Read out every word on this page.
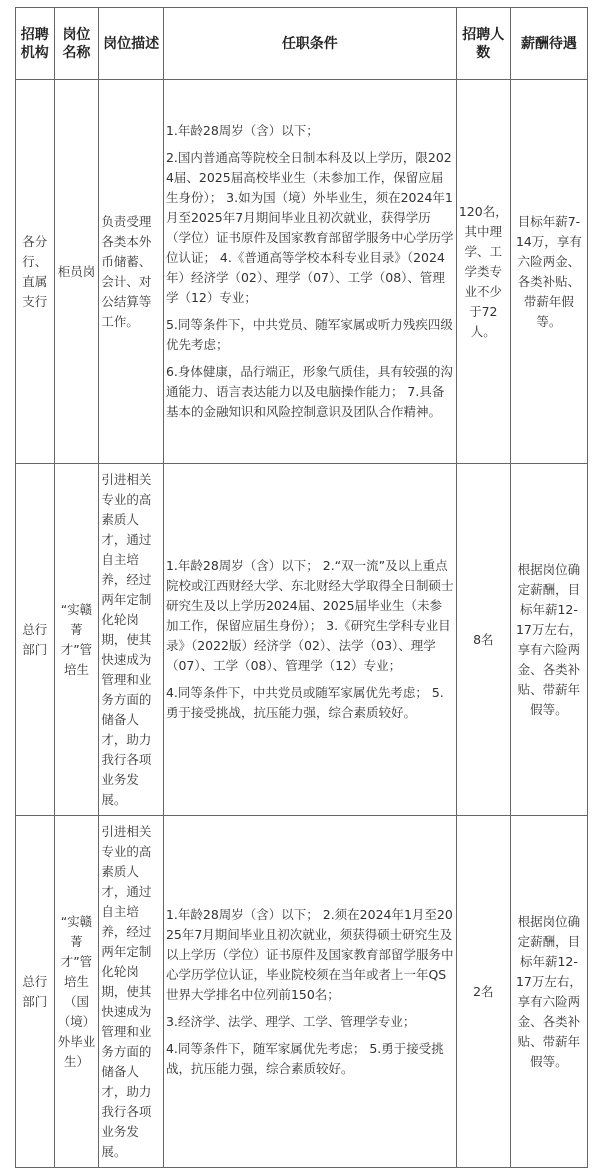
招聘机构	岗位名称	岗位描述	任职条件	招聘人数	薪酬待遇
各分行、直属支行	柜员岗	负责受理各类本外币储蓄、会计、对公结算等工作。	1.年龄28周岁（含）以下；
2.国内普通高等院校全日制本科及以上学历，限2024届、2025届高校毕业生（未参加工作，保留应届生身份）； 3.如为国（境）外毕业生，须在2024年1月至2025年7月期间毕业且初次就业，获得学历（学位）证书原件及国家教育部留学服务中心学历学位认证； 4.《普通高等学校本科专业目录》（2024年）经济学（02）、理学（07）、工学（08）、管理学（12）专业；
5.同等条件下，中共党员、随军家属或听力残疾四级优先考虑；
6.身体健康，品行端正，形象气质佳，具有较强的沟通能力、语言表达能力以及电脑操作能力； 7.具备基本的金融知识和风险控制意识及团队合作精神。	120名，其中理学、工学类专业不少于72人。	目标年薪7-14万，享有六险两金、各类补贴、带薪年假等。
总行部门	“实赣菁才”管培生	引进相关专业的高素质人才，通过自主培养，经过两年定制化轮岗期，使其快速成为管理和业务方面的储备人才，助力我行各项业务发展。	1.年龄28周岁（含）以下； 2.“双一流”及以上重点院校或江西财经大学、东北财经大学取得全日制硕士研究生及以上学历2024届、2025届毕业生（未参加工作，保留应届生身份）； 3.《研究生学科专业目录》（2022版）经济学（02）、法学（03）、理学（07）、工学（08）、管理学（12）专业；
4.同等条件下，中共党员或随军家属优先考虑； 5.勇于接受挑战，抗压能力强，综合素质较好。	8名	根据岗位确定薪酬，目标年薪12-17万左右，享有六险两金、各类补贴、带薪年假等。
总行部门	“实赣菁才”管培生（国（境）外毕业生）	引进相关专业的高素质人才，通过自主培养，经过两年定制化轮岗期，使其快速成为管理和业务方面的储备人才，助力我行各项业务发展。	1.年龄28周岁（含）以下； 2.须在2024年1月至2025年7月期间毕业且初次就业，须获得硕士研究生及以上学历（学位）证书原件及国家教育部留学服务中心学历学位认证，毕业院校须在当年或者上一年QS世界大学排名中位列前150名；
3.经济学、法学、理学、工学、管理学专业；
4.同等条件下，随军家属优先考虑； 5.勇于接受挑战，抗压能力强，综合素质较好。	2名	根据岗位确定薪酬，目标年薪12-17万左右，享有六险两金、各类补贴、带薪年假等。
